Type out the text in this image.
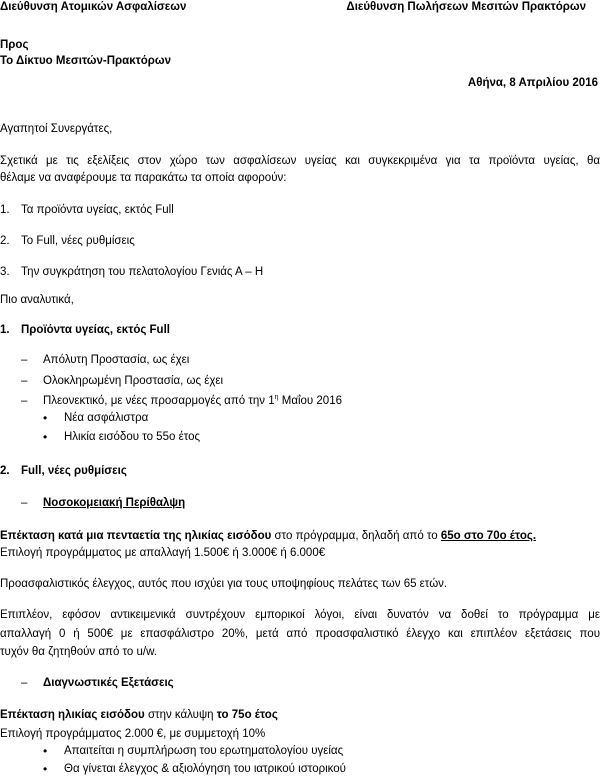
Διεύθυνση Ατομικών Ασφαλίσεων	Διεύθυνση Πωλήσεων Μεσιτών Πρακτόρων
Προς
Το Δίκτυο Μεσιτών-Πρακτόρων
Αθήνα, 8 Απριλίου 2016
Αγαπητοί Συνεργάτες,
Σχετικά με τις εξελίξεις στον χώρο των ασφαλίσεων υγείας και συγκεκριμένα για τα προϊόντα υγείας, θα
θέλαμε να αναφέρουμε τα παρακάτω τα οποία αφορούν:
1. Τα προϊόντα υγείας, εκτός Full
2. Το Full, νέες ρυθμίσεις
3. Την συγκράτηση του πελατολογίου Γενιάς Α – Η
Πιο αναλυτικά,
1. Προϊόντα υγείας, εκτός Full
– Απόλυτη Προστασία, ως έχει
– Ολοκληρωμένη Προστασία, ως έχει
– Πλεονεκτικό, με νέες προσαρμογές από την $1^\eta$ Μαΐου 2016
• Νέα ασφάλιστρα
• Ηλικία εισόδου το 55ο έτος
2. Full, νέες ρυθμίσεις
– Νοσοκομειακή Περίθαλψη
Επέκταση κατά μια πενταετία της ηλικίας εισόδου στο πρόγραμμα, δηλαδή από το 65ο στο 70ο έτος.
Επιλογή προγράμματος με απαλλαγή 1.500€ ή 3.000€ ή 6.000€
Προασφαλιστικός έλεγχος, αυτός που ισχύει για τους υποψηφίους πελάτες των 65 ετών.
Επιπλέον, εφόσον αντικειμενικά συντρέχουν εμπορικοί λόγοι, είναι δυνατόν να δοθεί το πρόγραμμα με
απαλλαγή 0 ή 500€ με επασφάλιστρο 20%, μετά από προασφαλιστικό έλεγχο και επιπλέον εξετάσεις που
τυχόν θα ζητηθούν από το u/w.
– Διαγνωστικές Εξετάσεις
Επέκταση ηλικίας εισόδου στην κάλυψη το 75ο έτος
Επιλογή προγράμματος 2.000 €, με συμμετοχή 10%
• Απαιτείται η συμπλήρωση του ερωτηματολογίου υγείας
• Θα γίνεται έλεγχος & αξιολόγηση του ιατρικού ιστορικού
